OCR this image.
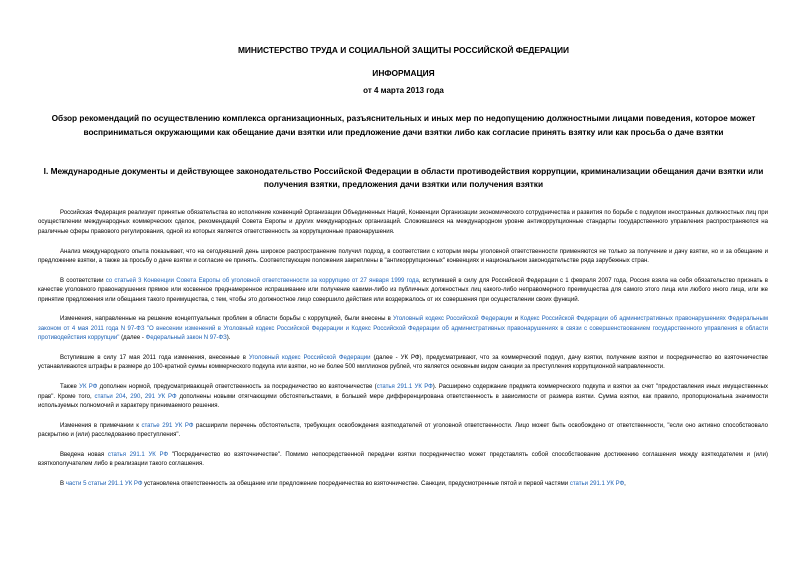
МИНИСТЕРСТВО ТРУДА И СОЦИАЛЬНОЙ ЗАЩИТЫ РОССИЙСКОЙ ФЕДЕРАЦИИ
ИНФОРМАЦИЯ
от 4 марта 2013 года
Обзор рекомендаций по осуществлению комплекса организационных, разъяснительных и иных мер по недопущению должностными лицами поведения, которое может восприниматься окружающими как обещание дачи взятки или предложение дачи взятки либо как согласие принять взятку или как просьба о даче взятки
I. Международные документы и действующее законодательство Российской Федерации в области противодействия коррупции, криминализации обещания дачи взятки или получения взятки, предложения дачи взятки или получения взятки

Российская Федерация реализует принятые обязательства во исполнение конвенций Организации Объединенных Наций, Конвенции Организации экономического сотрудничества и развития по борьбе с подкупом иностранных должностных лиц при осуществлении международных коммерческих сделок, рекомендаций Совета Европы и других международных организаций. Сложившиеся на международном уровне антикоррупционные стандарты государственного управления распространяются на различные сферы правового регулирования, одной из которых является ответственность за коррупционные правонарушения.

Анализ международного опыта показывает, что на сегодняшний день широкое распространение получил подход, в соответствии с которым меры уголовной ответственности применяются не только за получение и дачу взятки, но и за обещание и предложение взятки, а также за просьбу о даче взятки и согласие ее принять. Соответствующие положения закреплены в "антикоррупционных" конвенциях и национальном законодательстве ряда зарубежных стран.

В соответствии со статьей 3 Конвенции Совета Европы об уголовной ответственности за коррупцию от 27 января 1999 года, вступившей в силу для Российской Федерации с 1 февраля 2007 года, Россия взяла на себя обязательство признать в качестве уголовного правонарушения прямое или косвенное преднамеренное испрашивание или получение какими-либо из публичных должностных лиц какого-либо неправомерного преимущества для самого этого лица или любого иного лица, или же принятие предложения или обещания такого преимущества, с тем, чтобы это должностное лицо совершило действия или воздержалось от их совершения при осуществлении своих функций.

Изменения, направленные на решение концептуальных проблем в области борьбы с коррупцией, были внесены в Уголовный кодекс Российской Федерации и Кодекс Российской Федерации об административных правонарушениях Федеральным законом от 4 мая 2011 года N 97-ФЗ "О внесении изменений в Уголовный кодекс Российской Федерации и Кодекс Российской Федерации об административных правонарушениях в связи с совершенствованием государственного управления в области противодействия коррупции" (далее - Федеральный закон N 97-ФЗ).

Вступившие в силу 17 мая 2011 года изменения, внесенные в Уголовный кодекс Российской Федерации (далее - УК РФ), предусматривают, что за коммерческий подкуп, дачу взятки, получение взятки и посредничество во взяточничестве устанавливаются штрафы в размере до 100-кратной суммы коммерческого подкупа или взятки, но не более 500 миллионов рублей, что является основным видом санкции за преступления коррупционной направленности.

Также УК РФ дополнен нормой, предусматривающей ответственность за посредничество во взяточничестве (статья 291.1 УК РФ). Расширено содержание предмета коммерческого подкупа и взятки за счет "предоставления иных имущественных прав". Кроме того, статьи 204, 290, 291 УК РФ дополнены новыми отягчающими обстоятельствами, в большей мере дифференцирована ответственность в зависимости от размера взятки. Сумма взятки, как правило, пропорциональна значимости используемых полномочий и характеру принимаемого решения.

Изменения в примечании к статье 291 УК РФ расширили перечень обстоятельств, требующих освобождения взяткодателей от уголовной ответственности. Лицо может быть освобождено от ответственности, "если оно активно способствовало раскрытию и (или) расследованию преступления".

Введена новая статья 291.1 УК РФ "Посредничество во взяточничестве". Помимо непосредственной передачи взятки посредничество может представлять собой способствование достижению соглашения между взяткодателем и (или) взяткополучателем либо в реализации такого соглашения.

В части 5 статьи 291.1 УК РФ установлена ответственность за обещание или предложение посредничества во взяточничестве. Санкции, предусмотренные пятой и первой частями статьи 291.1 УК РФ,
